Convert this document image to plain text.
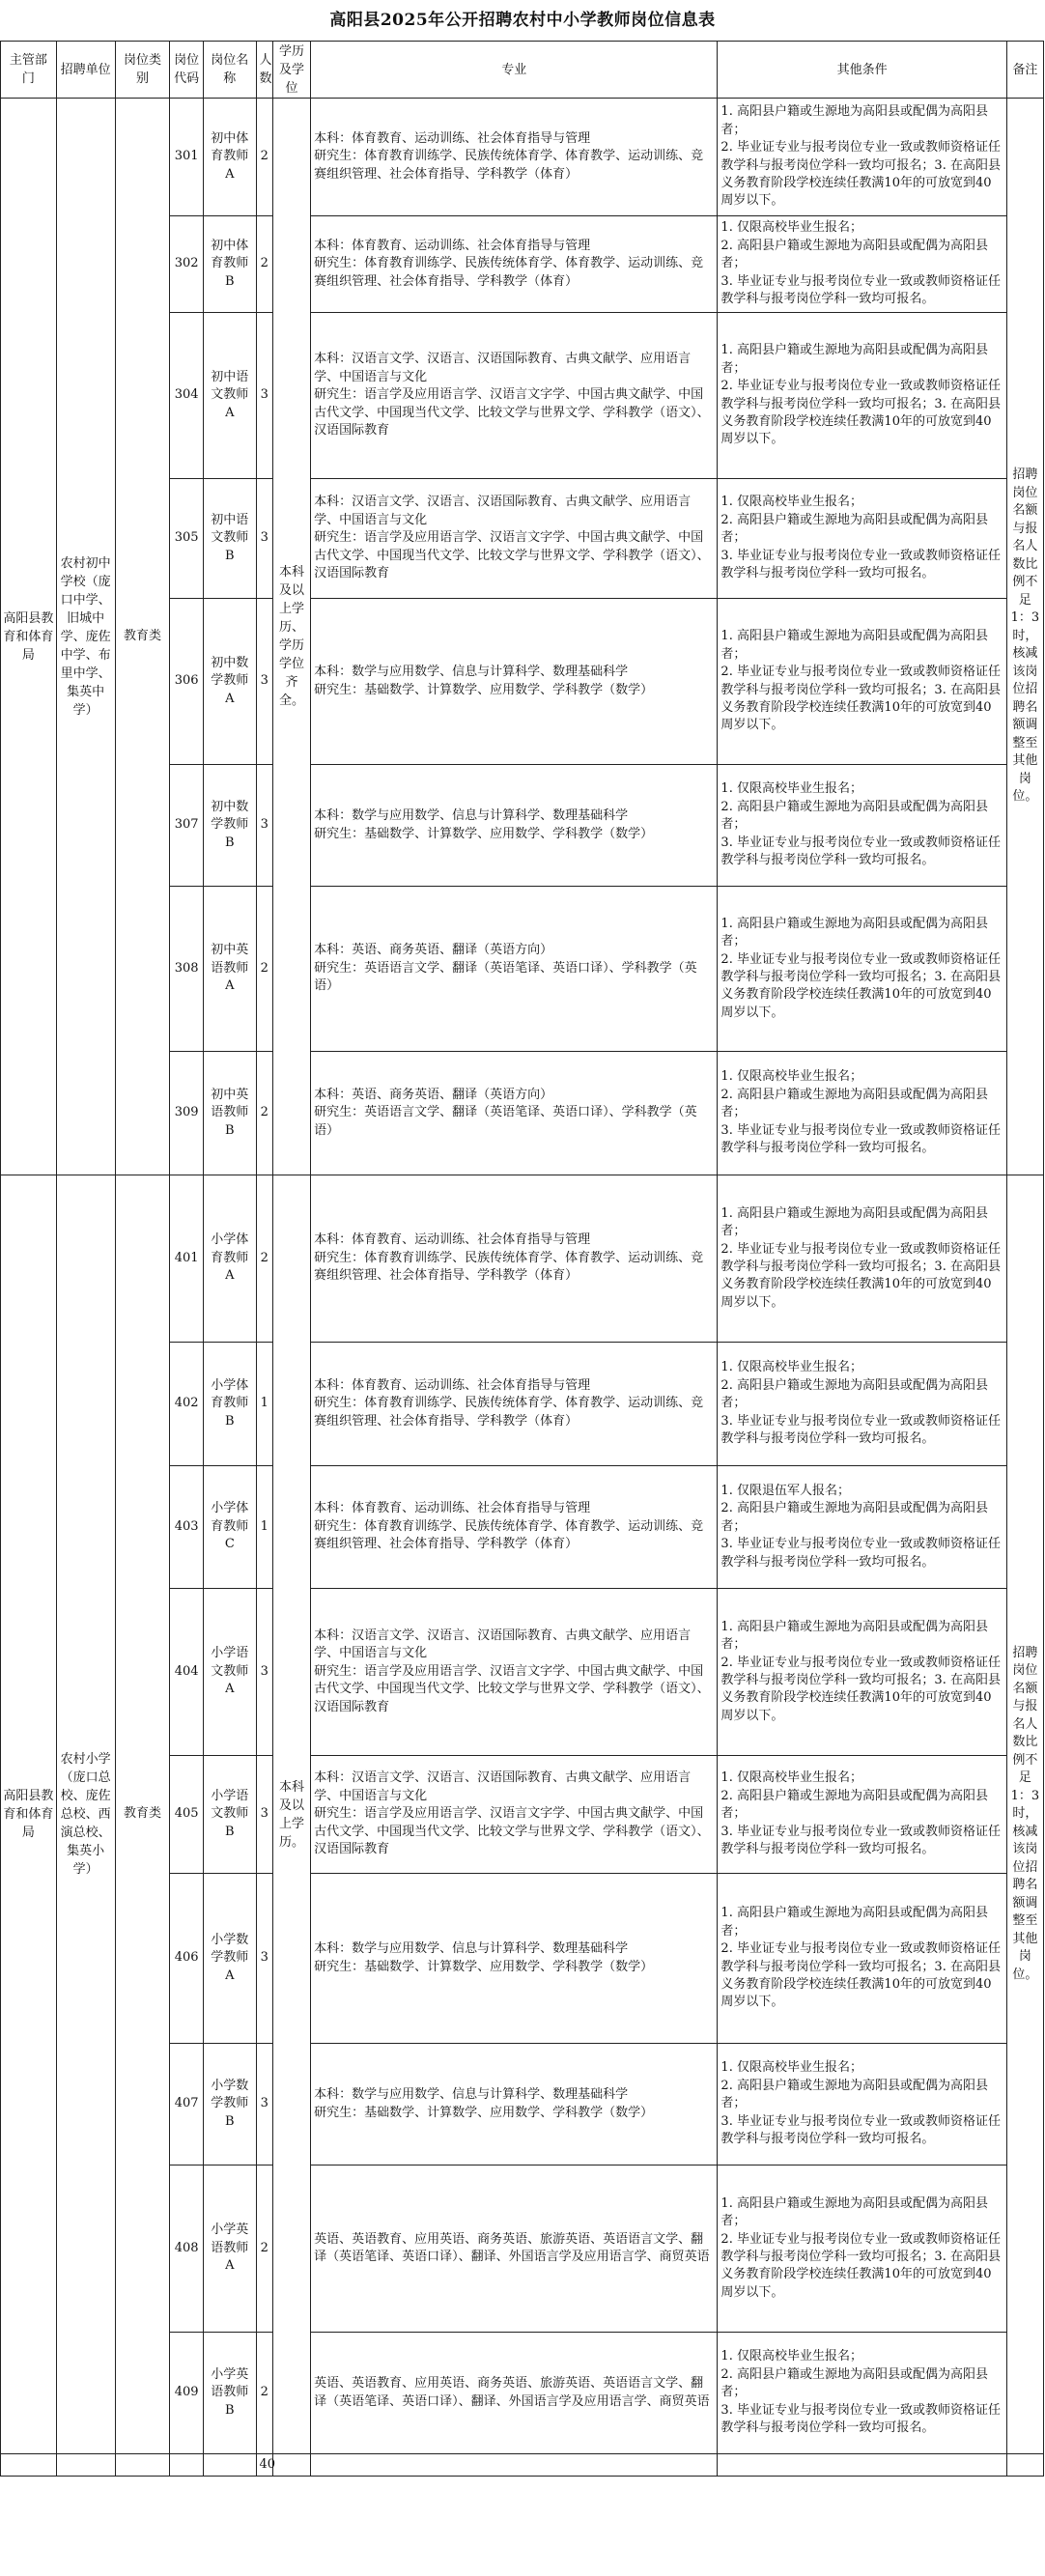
高阳县2025年公开招聘农村中小学教师岗位信息表
主管部门	招聘单位	岗位类别	岗位代码	岗位名称	人数	学历及学位	专业	其他条件	备注
高阳县教育和体育局	农村初中学校（庞口中学、旧城中学、庞佐中学、布里中学、集英中学）	教育类	301	初中体育教师A	2	本科及以上学历、学历学位齐全。	本科：体育教育、运动训练、社会体育指导与管理
研究生：体育教育训练学、民族传统体育学、体育教学、运动训练、竞赛组织管理、社会体育指导、学科教学（体育）	1. 高阳县户籍或生源地为高阳县或配偶为高阳县者；
2. 毕业证专业与报考岗位专业一致或教师资格证任教学科与报考岗位学科一致均可报名；3. 在高阳县义务教育阶段学校连续任教满10年的可放宽到40周岁以下。	招聘岗位名额与报名人数比例不足1：3时，核减该岗位招聘名额调整至其他岗位。
			302	初中体育教师B	2		本科：体育教育、运动训练、社会体育指导与管理
研究生：体育教育训练学、民族传统体育学、体育教学、运动训练、竞赛组织管理、社会体育指导、学科教学（体育）	1. 仅限高校毕业生报名；
2. 高阳县户籍或生源地为高阳县或配偶为高阳县者；
3. 毕业证专业与报考岗位专业一致或教师资格证任教学科与报考岗位学科一致均可报名。	
			304	初中语文教师A	3		本科：汉语言文学、汉语言、汉语国际教育、古典文献学、应用语言学、中国语言与文化
研究生：语言学及应用语言学、汉语言文字学、中国古典文献学、中国古代文学、中国现当代文学、比较文学与世界文学、学科教学（语文）、汉语国际教育	1. 高阳县户籍或生源地为高阳县或配偶为高阳县者；
2. 毕业证专业与报考岗位专业一致或教师资格证任教学科与报考岗位学科一致均可报名；3. 在高阳县义务教育阶段学校连续任教满10年的可放宽到40周岁以下。	
			305	初中语文教师B	3		本科：汉语言文学、汉语言、汉语国际教育、古典文献学、应用语言学、中国语言与文化
研究生：语言学及应用语言学、汉语言文字学、中国古典文献学、中国古代文学、中国现当代文学、比较文学与世界文学、学科教学（语文）、汉语国际教育	1. 仅限高校毕业生报名；
2. 高阳县户籍或生源地为高阳县或配偶为高阳县者；
3. 毕业证专业与报考岗位专业一致或教师资格证任教学科与报考岗位学科一致均可报名。	
			306	初中数学教师A	3		本科：数学与应用数学、信息与计算科学、数理基础科学
研究生：基础数学、计算数学、应用数学、学科教学（数学）	1. 高阳县户籍或生源地为高阳县或配偶为高阳县者；
2. 毕业证专业与报考岗位专业一致或教师资格证任教学科与报考岗位学科一致均可报名；3. 在高阳县义务教育阶段学校连续任教满10年的可放宽到40周岁以下。	
			307	初中数学教师B	3		本科：数学与应用数学、信息与计算科学、数理基础科学
研究生：基础数学、计算数学、应用数学、学科教学（数学）	1. 仅限高校毕业生报名；
2. 高阳县户籍或生源地为高阳县或配偶为高阳县者；
3. 毕业证专业与报考岗位专业一致或教师资格证任教学科与报考岗位学科一致均可报名。	
			308	初中英语教师A	2		本科：英语、商务英语、翻译（英语方向）
研究生：英语语言文学、翻译（英语笔译、英语口译）、学科教学（英语）	1. 高阳县户籍或生源地为高阳县或配偶为高阳县者；
2. 毕业证专业与报考岗位专业一致或教师资格证任教学科与报考岗位学科一致均可报名；3. 在高阳县义务教育阶段学校连续任教满10年的可放宽到40周岁以下。	
			309	初中英语教师B	2		本科：英语、商务英语、翻译（英语方向）
研究生：英语语言文学、翻译（英语笔译、英语口译）、学科教学（英语）	1. 仅限高校毕业生报名；
2. 高阳县户籍或生源地为高阳县或配偶为高阳县者；
3. 毕业证专业与报考岗位专业一致或教师资格证任教学科与报考岗位学科一致均可报名。	
高阳县教育和体育局	农村小学（庞口总校、庞佐总校、西演总校、集英小学）	教育类	401	小学体育教师A	2	本科及以上学历。	本科：体育教育、运动训练、社会体育指导与管理
研究生：体育教育训练学、民族传统体育学、体育教学、运动训练、竞赛组织管理、社会体育指导、学科教学（体育）	1. 高阳县户籍或生源地为高阳县或配偶为高阳县者；
2. 毕业证专业与报考岗位专业一致或教师资格证任教学科与报考岗位学科一致均可报名；3. 在高阳县义务教育阶段学校连续任教满10年的可放宽到40周岁以下。	招聘岗位名额与报名人数比例不足1：3时，核减该岗位招聘名额调整至其他岗位。
			402	小学体育教师B	1		本科：体育教育、运动训练、社会体育指导与管理
研究生：体育教育训练学、民族传统体育学、体育教学、运动训练、竞赛组织管理、社会体育指导、学科教学（体育）	1. 仅限高校毕业生报名；
2. 高阳县户籍或生源地为高阳县或配偶为高阳县者；
3. 毕业证专业与报考岗位专业一致或教师资格证任教学科与报考岗位学科一致均可报名。	
			403	小学体育教师C	1		本科：体育教育、运动训练、社会体育指导与管理
研究生：体育教育训练学、民族传统体育学、体育教学、运动训练、竞赛组织管理、社会体育指导、学科教学（体育）	1. 仅限退伍军人报名；
2. 高阳县户籍或生源地为高阳县或配偶为高阳县者；
3. 毕业证专业与报考岗位专业一致或教师资格证任教学科与报考岗位学科一致均可报名。	
			404	小学语文教师A	3		本科：汉语言文学、汉语言、汉语国际教育、古典文献学、应用语言学、中国语言与文化
研究生：语言学及应用语言学、汉语言文字学、中国古典文献学、中国古代文学、中国现当代文学、比较文学与世界文学、学科教学（语文）、汉语国际教育	1. 高阳县户籍或生源地为高阳县或配偶为高阳县者；
2. 毕业证专业与报考岗位专业一致或教师资格证任教学科与报考岗位学科一致均可报名；3. 在高阳县义务教育阶段学校连续任教满10年的可放宽到40周岁以下。	
			405	小学语文教师B	3		本科：汉语言文学、汉语言、汉语国际教育、古典文献学、应用语言学、中国语言与文化
研究生：语言学及应用语言学、汉语言文字学、中国古典文献学、中国古代文学、中国现当代文学、比较文学与世界文学、学科教学（语文）、汉语国际教育	1. 仅限高校毕业生报名；
2. 高阳县户籍或生源地为高阳县或配偶为高阳县者；
3. 毕业证专业与报考岗位专业一致或教师资格证任教学科与报考岗位学科一致均可报名。	
			406	小学数学教师A	3		本科：数学与应用数学、信息与计算科学、数理基础科学
研究生：基础数学、计算数学、应用数学、学科教学（数学）	1. 高阳县户籍或生源地为高阳县或配偶为高阳县者；
2. 毕业证专业与报考岗位专业一致或教师资格证任教学科与报考岗位学科一致均可报名；3. 在高阳县义务教育阶段学校连续任教满10年的可放宽到40周岁以下。	
			407	小学数学教师B	3		本科：数学与应用数学、信息与计算科学、数理基础科学
研究生：基础数学、计算数学、应用数学、学科教学（数学）	1. 仅限高校毕业生报名；
2. 高阳县户籍或生源地为高阳县或配偶为高阳县者；
3. 毕业证专业与报考岗位专业一致或教师资格证任教学科与报考岗位学科一致均可报名。	
			408	小学英语教师A	2		英语、英语教育、应用英语、商务英语、旅游英语、英语语言文学、翻译（英语笔译、英语口译）、翻译、外国语言学及应用语言学、商贸英语	1. 高阳县户籍或生源地为高阳县或配偶为高阳县者；
2. 毕业证专业与报考岗位专业一致或教师资格证任教学科与报考岗位学科一致均可报名；3. 在高阳县义务教育阶段学校连续任教满10年的可放宽到40周岁以下。	
			409	小学英语教师B	2		英语、英语教育、应用英语、商务英语、旅游英语、英语语言文学、翻译（英语笔译、英语口译）、翻译、外国语言学及应用语言学、商贸英语	1. 仅限高校毕业生报名；
2. 高阳县户籍或生源地为高阳县或配偶为高阳县者；
3. 毕业证专业与报考岗位专业一致或教师资格证任教学科与报考岗位学科一致均可报名。	
					40				
